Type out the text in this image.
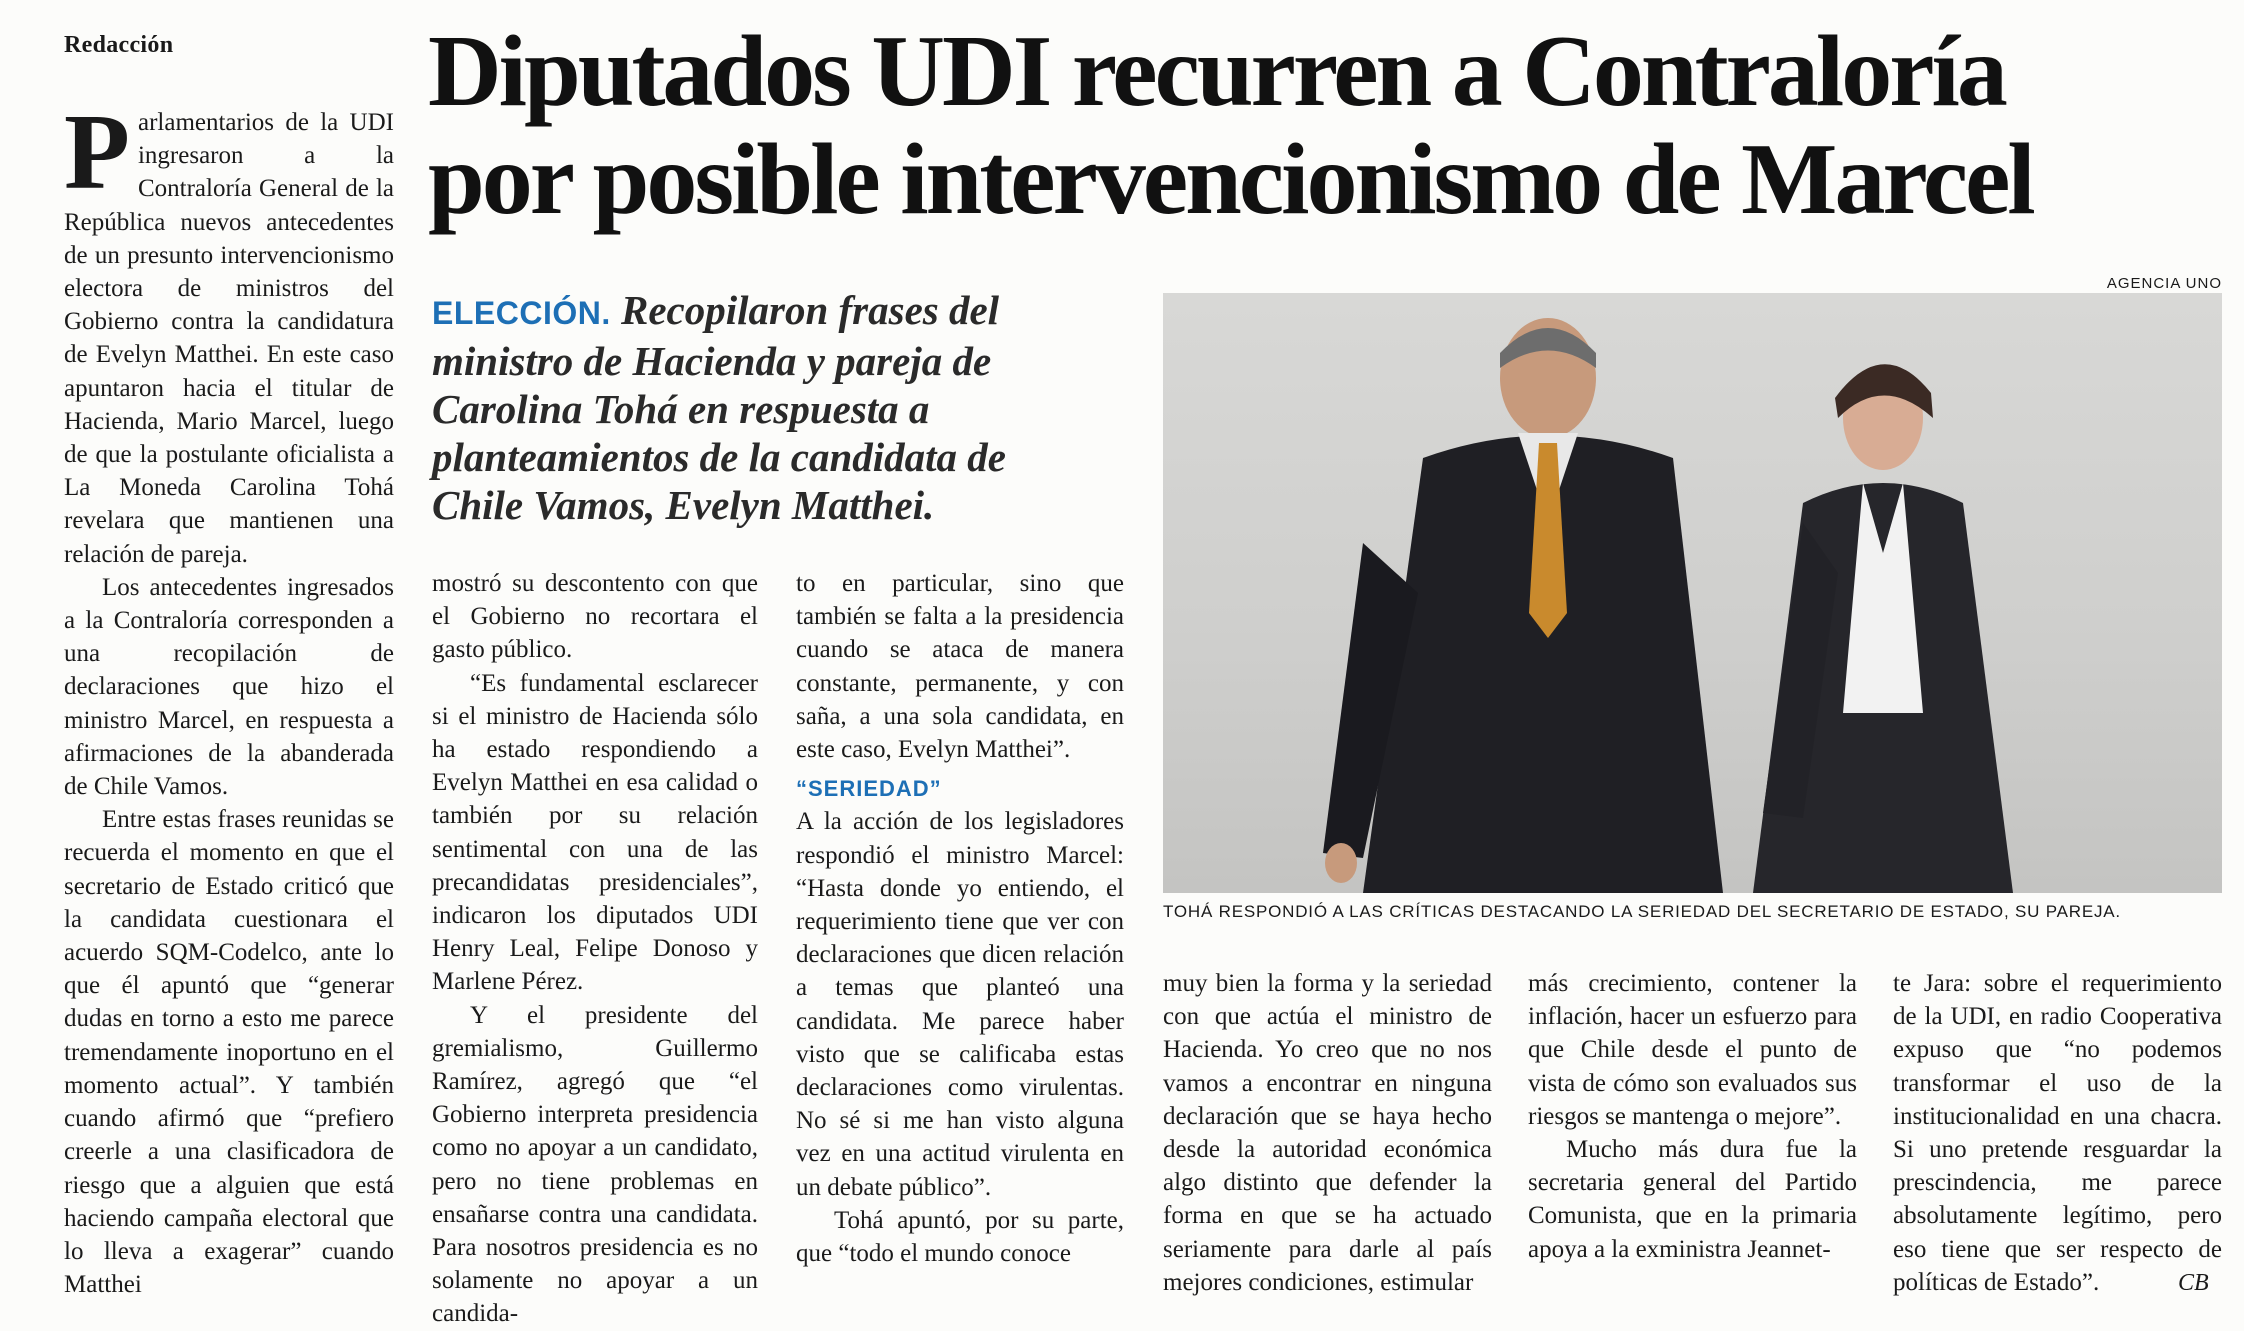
Redacción Diputados UDI recurren a Contraloría
por posible intervencionismo de Marcel

Parlamentarios de la UDI ingresaron a la Contraloría General de la República nuevos antecedentes de un presunto intervencionismo electora de ministros del Gobierno contra la candidatura de Evelyn Matthei. En este caso apuntaron hacia el titular de Hacienda, Mario Marcel, luego de que la postulante oficialista a La Moneda Carolina Tohá revelara que mantienen una relación de pareja.

Los antecedentes ingresados a la Contraloría corresponden a una recopilación de declaraciones que hizo el ministro Marcel, en respuesta a afirmaciones de la abanderada de Chile Vamos.

Entre estas frases reunidas se recuerda el momento en que el secretario de Estado criticó que la candidata cuestionara el acuerdo SQM-Codelco, ante lo que él apuntó que “generar dudas en torno a esto me parece tremendamente inoportuno en el momento actual”. Y también cuando afirmó que “prefiero creerle a una clasificadora de riesgo que a alguien que está haciendo campaña electoral que lo lleva a exagerar” cuando Matthei

ELECCIÓN. Recopilaron frases del ministro de Hacienda y pareja de Carolina Tohá en respuesta a planteamientos de la candidata de Chile Vamos, Evelyn Matthei.

mostró su descontento con que el Gobierno no recortara el gasto público.

“Es fundamental esclarecer si el ministro de Hacienda sólo ha estado respondiendo a Evelyn Matthei en esa calidad o también por su relación sentimental con una de las precandidatas presidenciales”, indicaron los diputados UDI Henry Leal, Felipe Donoso y Marlene Pérez.

Y el presidente del gremialismo, Guillermo Ramírez, agregó que “el Gobierno interpreta presidencia como no apoyar a un candidato, pero no tiene problemas en ensañarse contra una candidata. Para nosotros presidencia es no solamente no apoyar a un candida-

to en particular, sino que también se falta a la presidencia cuando se ataca de manera constante, permanente, y con saña, a una sola candidata, en este caso, Evelyn Matthei”.

“SERIEDAD”

A la acción de los legisladores respondió el ministro Marcel: “Hasta donde yo entiendo, el requerimiento tiene que ver con declaraciones que dicen relación a temas que planteó una candidata. Me parece haber visto que se calificaba estas declaraciones como virulentas. No sé si me han visto alguna vez en una actitud virulenta en un debate público”.

Tohá apuntó, por su parte, que “todo el mundo conoce

AGENCIA UNO
TOHÁ RESPONDIÓ A LAS CRÍTICAS DESTACANDO LA SERIEDAD DEL SECRETARIO DE ESTADO, SU PAREJA.

muy bien la forma y la seriedad con que actúa el ministro de Hacienda. Yo creo que no nos vamos a encontrar en ninguna declaración que se haya hecho desde la autoridad económica algo distinto que defender la forma en que se ha actuado seriamente para darle al país mejores condiciones, estimular

más crecimiento, contener la inflación, hacer un esfuerzo para que Chile desde el punto de vista de cómo son evaluados sus riesgos se mantenga o mejore”.

Mucho más dura fue la secretaria general del Partido Comunista, que en la primaria apoya a la exministra Jeannet-

te Jara: sobre el requerimiento de la UDI, en radio Cooperativa expuso que “no podemos transformar el uso de la institucionalidad en una chacra. Si uno pretende resguardar la prescindencia, me parece absolutamente legítimo, pero eso tiene que ser respecto de políticas de Estado”.	CB
